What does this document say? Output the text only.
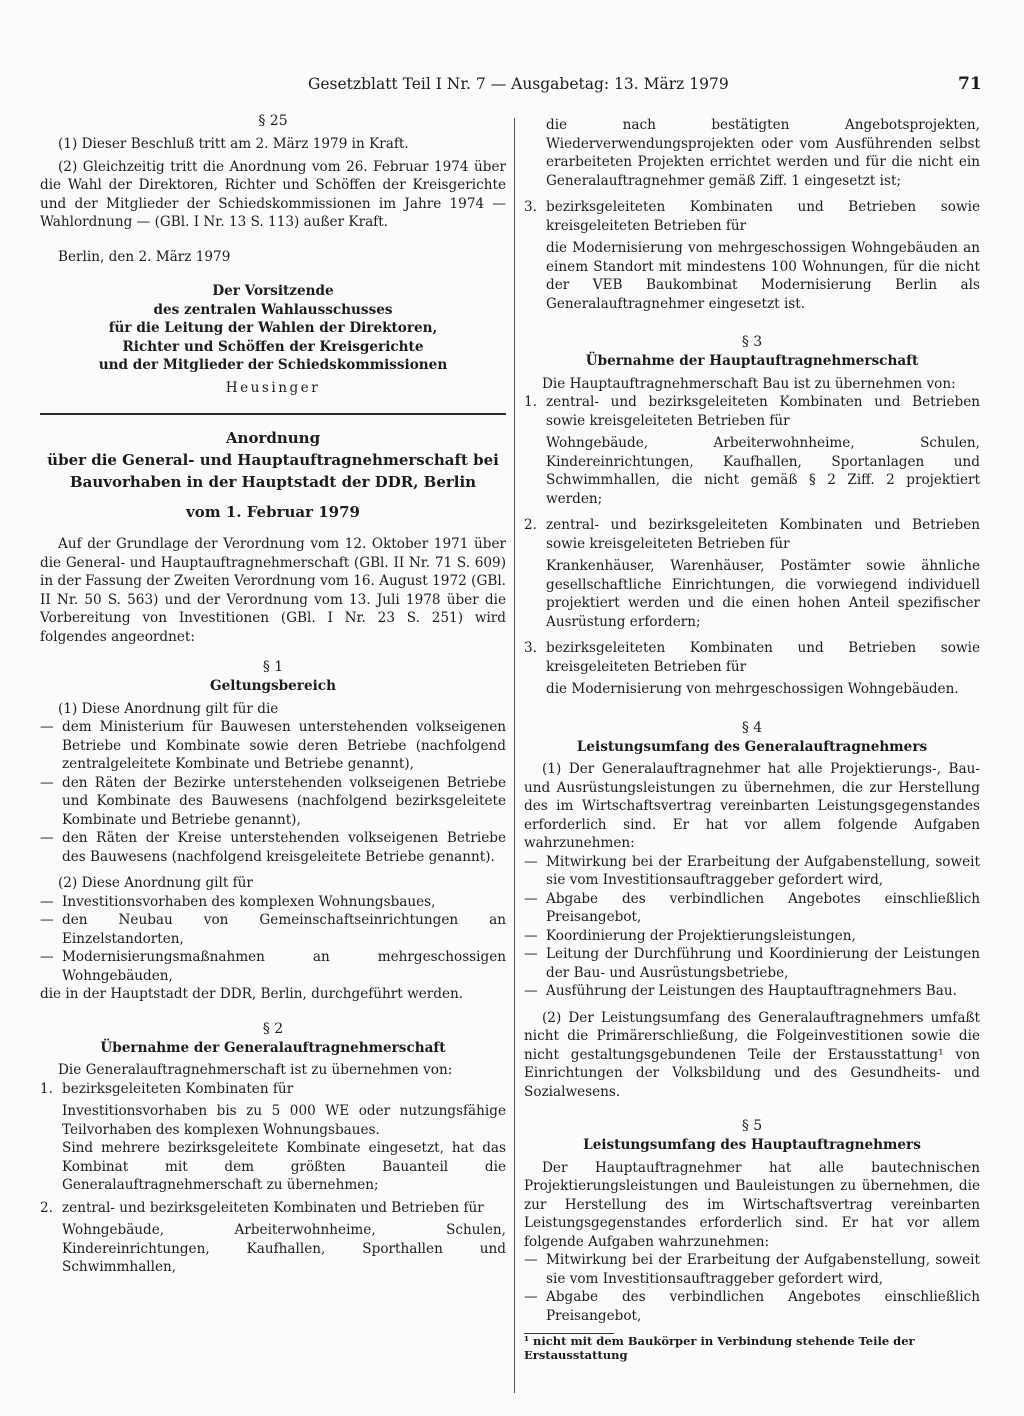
Gesetzblatt Teil I Nr. 7 — Ausgabetag: 13. März 1979	71
§ 25

(1) Dieser Beschluß tritt am 2. März 1979 in Kraft.

(2) Gleichzeitig tritt die Anordnung vom 26. Februar 1974 über die Wahl der Direktoren, Richter und Schöffen der Kreisgerichte und der Mitglieder der Schiedskommissionen im Jahre 1974 — Wahlordnung — (GBl. I Nr. 13 S. 113) außer Kraft.

Berlin, den 2. März 1979

Der Vorsitzende
des zentralen Wahlausschusses
für die Leitung der Wahlen der Direktoren,
Richter und Schöffen der Kreisgerichte
und der Mitglieder der Schiedskommissionen
Heusinger
Anordnung
über die General- und Hauptauftragnehmerschaft bei
Bauvorhaben in der Hauptstadt der DDR, Berlin
vom 1. Februar 1979

Auf der Grundlage der Verordnung vom 12. Oktober 1971 über die General- und Hauptauftragnehmerschaft (GBl. II Nr. 71 S. 609) in der Fassung der Zweiten Verordnung vom 16. August 1972 (GBl. II Nr. 50 S. 563) und der Verordnung vom 13. Juli 1978 über die Vorbereitung von Investitionen (GBl. I Nr. 23 S. 251) wird folgendes angeordnet:

§ 1
Geltungsbereich

(1) Diese Anordnung gilt für die

— dem Ministerium für Bauwesen unterstehenden volkseigenen Betriebe und Kombinate sowie deren Betriebe (nachfolgend zentralgeleitete Kombinate und Betriebe genannt),
— den Räten der Bezirke unterstehenden volkseigenen Betriebe und Kombinate des Bauwesens (nachfolgend bezirksgeleitete Kombinate und Betriebe genannt),
— den Räten der Kreise unterstehenden volkseigenen Betriebe des Bauwesens (nachfolgend kreisgeleitete Betriebe genannt).

(2) Diese Anordnung gilt für

— Investitionsvorhaben des komplexen Wohnungsbaues,
— den Neubau von Gemeinschaftseinrichtungen an Einzelstandorten,
— Modernisierungsmaßnahmen an mehrgeschossigen Wohngebäuden,

die in der Hauptstadt der DDR, Berlin, durchgeführt werden.

§ 2
Übernahme der Generalauftragnehmerschaft

Die Generalauftragnehmerschaft ist zu übernehmen von:

1. bezirksgeleiteten Kombinaten für

Investitionsvorhaben bis zu 5 000 WE oder nutzungsfähige Teilvorhaben des komplexen Wohnungsbaues.

Sind mehrere bezirksgeleitete Kombinate eingesetzt, hat das Kombinat mit dem größten Bauanteil die Generalauftragnehmerschaft zu übernehmen;

2. zentral- und bezirksgeleiteten Kombinaten und Betrieben für

Wohngebäude, Arbeiterwohnheime, Schulen, Kindereinrichtungen, Kaufhallen, Sporthallen und Schwimmhallen,

die nach bestätigten Angebotsprojekten, Wiederverwendungsprojekten oder vom Ausführenden selbst erarbeiteten Projekten errichtet werden und für die nicht ein Generalauftragnehmer gemäß Ziff. 1 eingesetzt ist;

3. bezirksgeleiteten Kombinaten und Betrieben sowie kreisgeleiteten Betrieben für

die Modernisierung von mehrgeschossigen Wohngebäuden an einem Standort mit mindestens 100 Wohnungen, für die nicht der VEB Baukombinat Modernisierung Berlin als Generalauftragnehmer eingesetzt ist.

§ 3
Übernahme der Hauptauftragnehmerschaft

Die Hauptauftragnehmerschaft Bau ist zu übernehmen von:

1. zentral- und bezirksgeleiteten Kombinaten und Betrieben sowie kreisgeleiteten Betrieben für

Wohngebäude, Arbeiterwohnheime, Schulen, Kindereinrichtungen, Kaufhallen, Sportanlagen und Schwimmhallen, die nicht gemäß § 2 Ziff. 2 projektiert werden;

2. zentral- und bezirksgeleiteten Kombinaten und Betrieben sowie kreisgeleiteten Betrieben für

Krankenhäuser, Warenhäuser, Postämter sowie ähnliche gesellschaftliche Einrichtungen, die vorwiegend individuell projektiert werden und die einen hohen Anteil spezifischer Ausrüstung erfordern;

3. bezirksgeleiteten Kombinaten und Betrieben sowie kreisgeleiteten Betrieben für

die Modernisierung von mehrgeschossigen Wohngebäuden.

§ 4
Leistungsumfang des Generalauftragnehmers

(1) Der Generalauftragnehmer hat alle Projektierungs-, Bau- und Ausrüstungsleistungen zu übernehmen, die zur Herstellung des im Wirtschaftsvertrag vereinbarten Leistungsgegenstandes erforderlich sind. Er hat vor allem folgende Aufgaben wahrzunehmen:

— Mitwirkung bei der Erarbeitung der Aufgabenstellung, soweit sie vom Investitionsauftraggeber gefordert wird,
— Abgabe des verbindlichen Angebotes einschließlich Preisangebot,
— Koordinierung der Projektierungsleistungen,
— Leitung der Durchführung und Koordinierung der Leistungen der Bau- und Ausrüstungsbetriebe,
— Ausführung der Leistungen des Hauptauftragnehmers Bau.

(2) Der Leistungsumfang des Generalauftragnehmers umfaßt nicht die Primärerschließung, die Folgeinvestitionen sowie die nicht gestaltungsgebundenen Teile der Erstausstattung¹ von Einrichtungen der Volksbildung und des Gesundheits- und Sozialwesens.

§ 5
Leistungsumfang des Hauptauftragnehmers

Der Hauptauftragnehmer hat alle bautechnischen Projektierungsleistungen und Bauleistungen zu übernehmen, die zur Herstellung des im Wirtschaftsvertrag vereinbarten Leistungsgegenstandes erforderlich sind. Er hat vor allem folgende Aufgaben wahrzunehmen:

— Mitwirkung bei der Erarbeitung der Aufgabenstellung, soweit sie vom Investitionsauftraggeber gefordert wird,
— Abgabe des verbindlichen Angebotes einschließlich Preisangebot,

¹ nicht mit dem Baukörper in Verbindung stehende Teile der Erstausstattung
